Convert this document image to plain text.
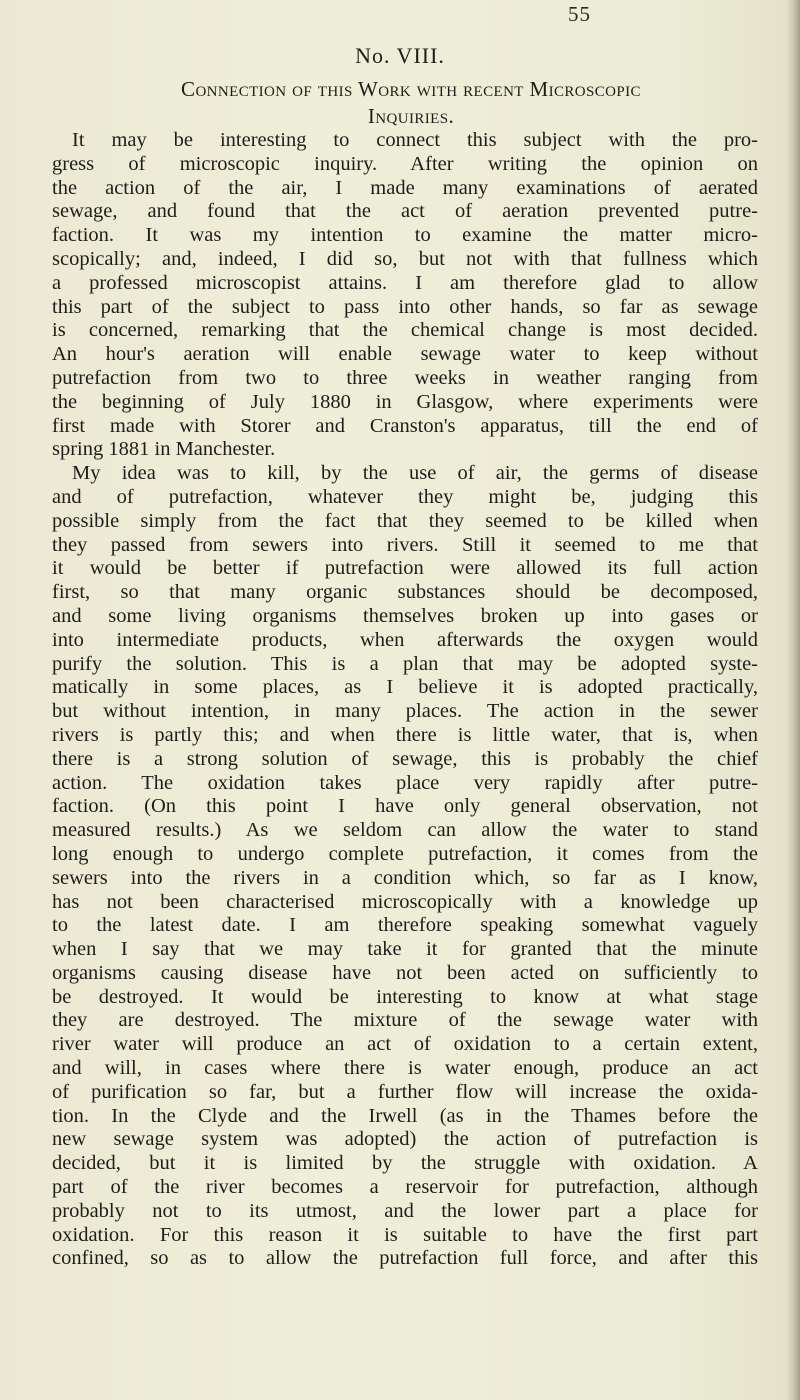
55
No. VIII.
Connection of this Work with recent Microscopic
Inquiries.
It may be interesting to connect this subject with the pro-
gress of microscopic inquiry. After writing the opinion on
the action of the air, I made many examinations of aerated
sewage, and found that the act of aeration prevented putre-
faction. It was my intention to examine the matter micro-
scopically; and, indeed, I did so, but not with that fullness which
a professed microscopist attains. I am therefore glad to allow
this part of the subject to pass into other hands, so far as sewage
is concerned, remarking that the chemical change is most decided.
An hour's aeration will enable sewage water to keep without
putrefaction from two to three weeks in weather ranging from
the beginning of July 1880 in Glasgow, where experiments were
first made with Storer and Cranston's apparatus, till the end of
spring 1881 in Manchester.
My idea was to kill, by the use of air, the germs of disease
and of putrefaction, whatever they might be, judging this
possible simply from the fact that they seemed to be killed when
they passed from sewers into rivers. Still it seemed to me that
it would be better if putrefaction were allowed its full action
first, so that many organic substances should be decomposed,
and some living organisms themselves broken up into gases or
into intermediate products, when afterwards the oxygen would
purify the solution. This is a plan that may be adopted syste-
matically in some places, as I believe it is adopted practically,
but without intention, in many places. The action in the sewer
rivers is partly this; and when there is little water, that is, when
there is a strong solution of sewage, this is probably the chief
action. The oxidation takes place very rapidly after putre-
faction. (On this point I have only general observation, not
measured results.) As we seldom can allow the water to stand
long enough to undergo complete putrefaction, it comes from the
sewers into the rivers in a condition which, so far as I know,
has not been characterised microscopically with a knowledge up
to the latest date. I am therefore speaking somewhat vaguely
when I say that we may take it for granted that the minute
organisms causing disease have not been acted on sufficiently to
be destroyed. It would be interesting to know at what stage
they are destroyed. The mixture of the sewage water with
river water will produce an act of oxidation to a certain extent,
and will, in cases where there is water enough, produce an act
of purification so far, but a further flow will increase the oxida-
tion. In the Clyde and the Irwell (as in the Thames before the
new sewage system was adopted) the action of putrefaction is
decided, but it is limited by the struggle with oxidation. A
part of the river becomes a reservoir for putrefaction, although
probably not to its utmost, and the lower part a place for
oxidation. For this reason it is suitable to have the first part
confined, so as to allow the putrefaction full force, and after this
